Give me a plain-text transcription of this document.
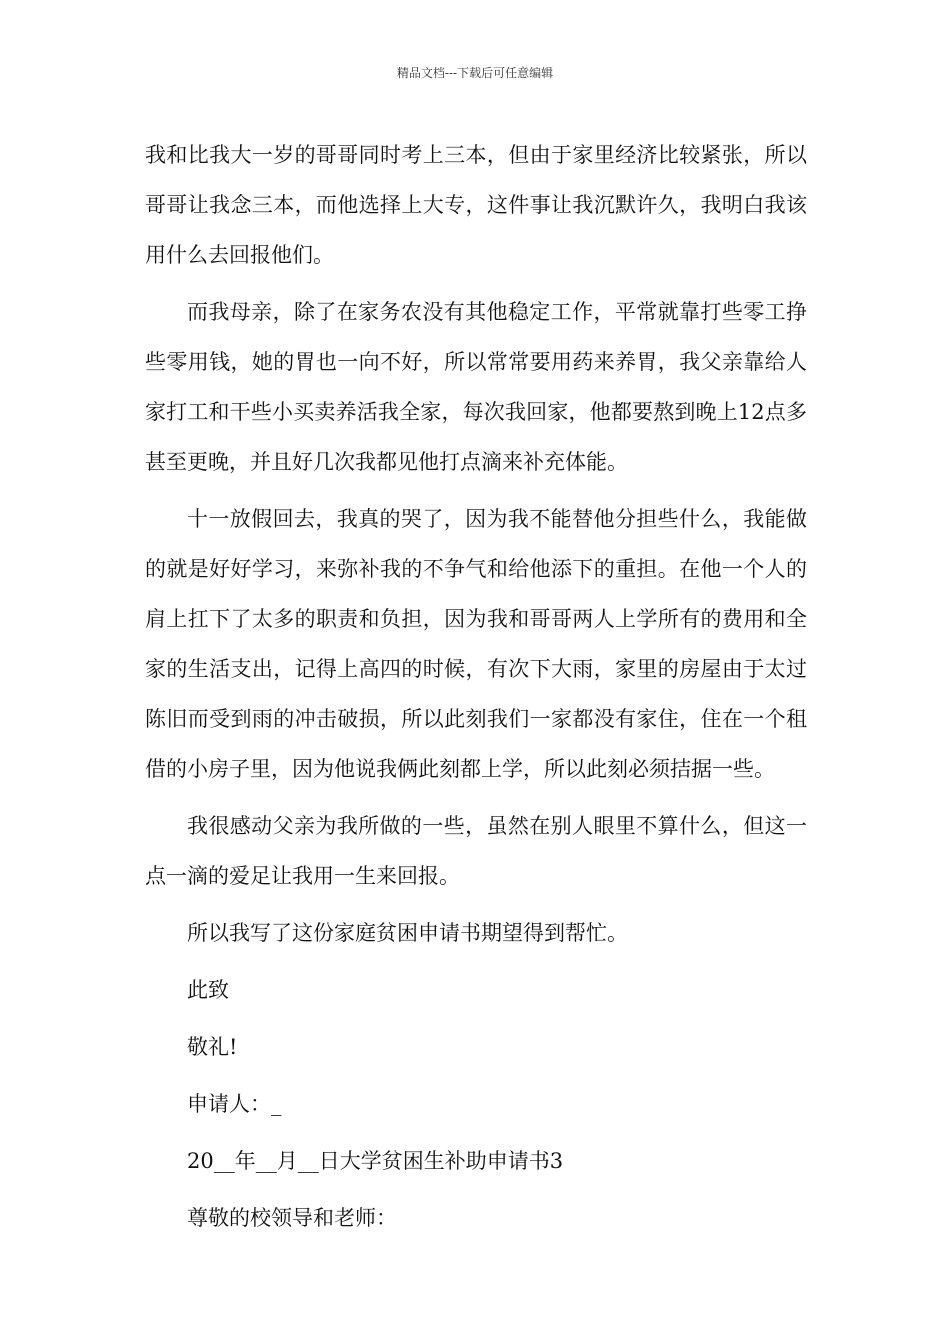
精品文档---下载后可任意编辑

我和比我大一岁的哥哥同时考上三本，但由于家里经济比较紧张，所以哥哥让我念三本，而他选择上大专，这件事让我沉默许久，我明白我该用什么去回报他们。

而我母亲，除了在家务农没有其他稳定工作，平常就靠打些零工挣些零用钱，她的胃也一向不好，所以常常要用药来养胃，我父亲靠给人家打工和干些小买卖养活我全家，每次我回家，他都要熬到晚上12点多甚至更晚，并且好几次我都见他打点滴来补充体能。

十一放假回去，我真的哭了，因为我不能替他分担些什么，我能做的就是好好学习，来弥补我的不争气和给他添下的重担。在他一个人的肩上扛下了太多的职责和负担，因为我和哥哥两人上学所有的费用和全家的生活支出，记得上高四的时候，有次下大雨，家里的房屋由于太过陈旧而受到雨的冲击破损，所以此刻我们一家都没有家住，住在一个租借的小房子里，因为他说我俩此刻都上学，所以此刻必须拮据一些。

我很感动父亲为我所做的一些，虽然在别人眼里不算什么，但这一点一滴的爱足让我用一生来回报。

所以我写了这份家庭贫困申请书期望得到帮忙。

此致

敬礼!

申请人：_

20__年__月__日大学贫困生补助申请书3

尊敬的校领导和老师：
